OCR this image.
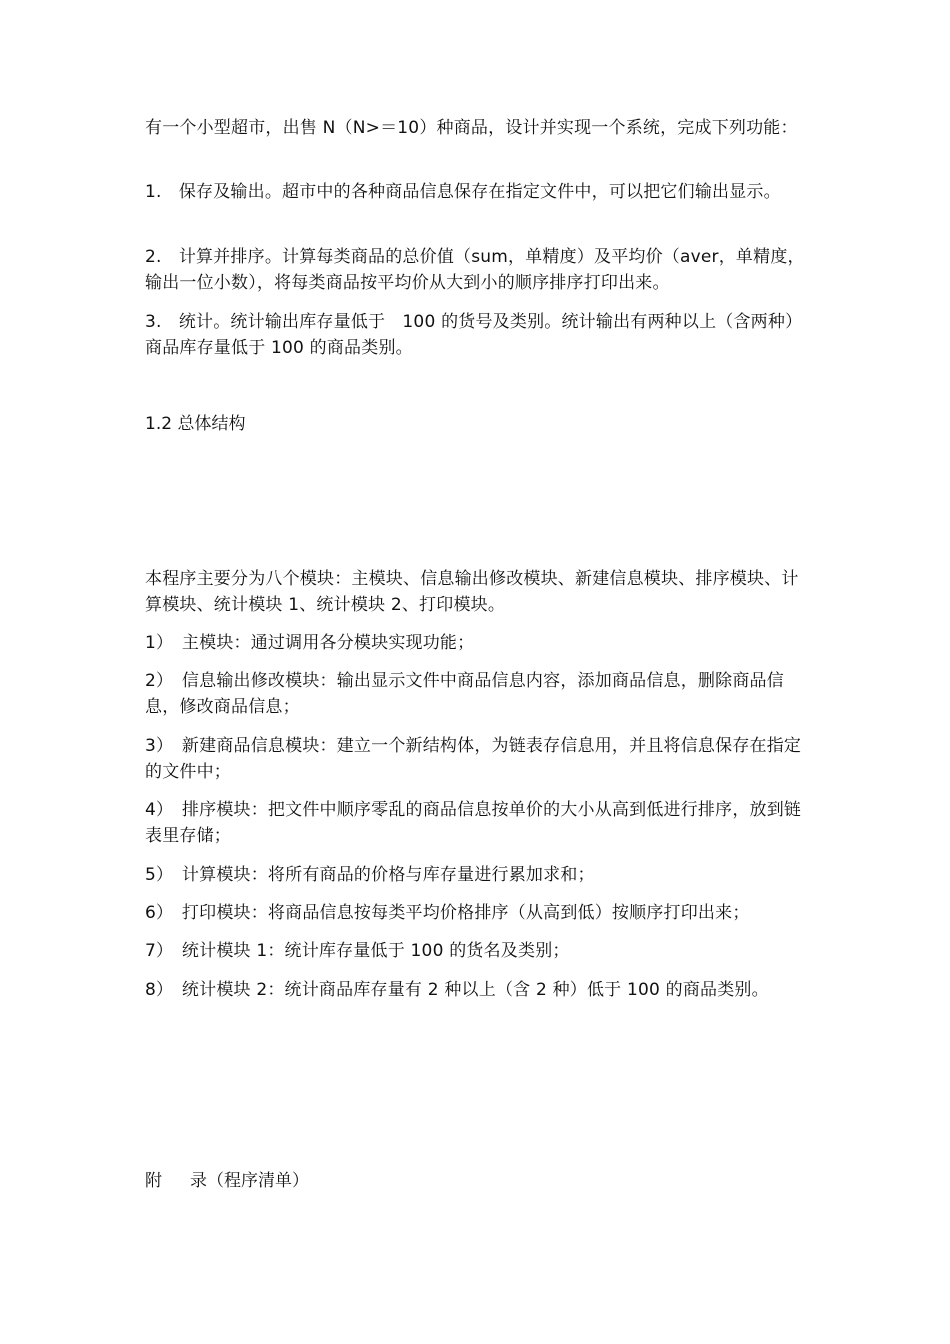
有一个小型超市，出售 N（N>＝10）种商品，设计并实现一个系统，完成下列功能：

1.　保存及输出。超市中的各种商品信息保存在指定文件中，可以把它们输出显示。

2.　计算并排序。计算每类商品的总价值（sum，单精度）及平均价（aver，单精度，输出一位小数），将每类商品按平均价从大到小的顺序排序打印出来。

3.　统计。统计输出库存量低于　100 的货号及类别。统计输出有两种以上（含两种）商品库存量低于 100 的商品类别。

1.2 总体结构

本程序主要分为八个模块：主模块、信息输出修改模块、新建信息模块、排序模块、计算模块、统计模块 1、统计模块 2、打印模块。

1）　主模块：通过调用各分模块实现功能；

2）　信息输出修改模块：输出显示文件中商品信息内容，添加商品信息，删除商品信息，修改商品信息；

3）　新建商品信息模块：建立一个新结构体，为链表存信息用，并且将信息保存在指定的文件中；

4）　排序模块：把文件中顺序零乱的商品信息按单价的大小从高到低进行排序，放到链表里存储；

5）　计算模块：将所有商品的价格与库存量进行累加求和；

6）　打印模块：将商品信息按每类平均价格排序（从高到低）按顺序打印出来；

7）　统计模块 1：统计库存量低于 100 的货名及类别；

8）　统计模块 2：统计商品库存量有 2 种以上（含 2 种）低于 100 的商品类别。

附 录（程序清单）
